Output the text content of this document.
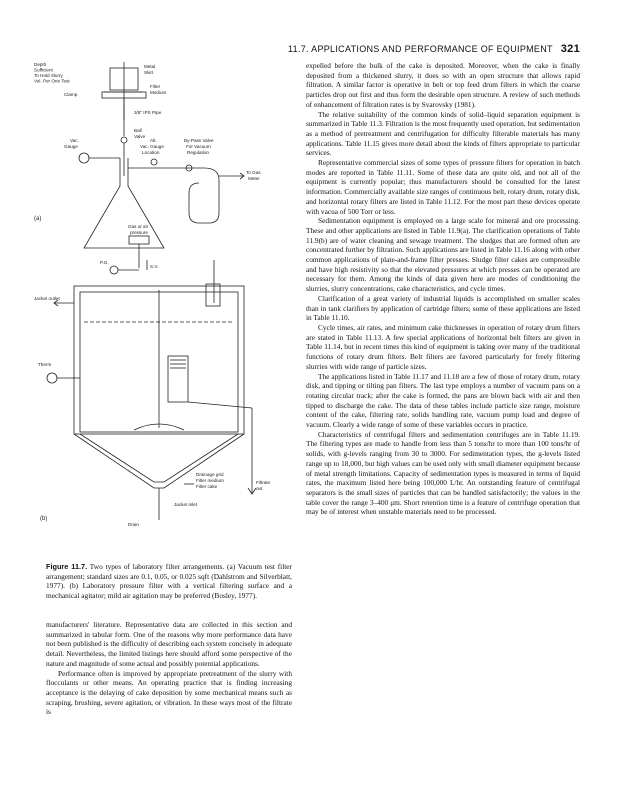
11.7. APPLICATIONS AND PERFORMANCE OF EQUIPMENT 321
Depth
Sufficient
To Hold Slurry
Vol. Per One Test
Metal
Skirt
Filter
Medium
Clamp
3/8" IPS Pipe
Ball
Valve
Vac.
Gauge
Alt.
Vac. Gauge
Location
By-Pass Valve
For Vacuum
Regulation
To Gas
Meter
(a)
Gas or air
pressure
P.G.
S.V.
Jacket outlet
Therm
Drainage grid
Filter medium
Filter cake
Filtrate
out
Jacket inlet
Drain
(b)
Figure 11.7. Two types of laboratory filter arrangements. (a) Vacuum test filter arrangement; standard sizes are 0.1, 0.05, or 0.025 sqft (Dahlstrom and Silverblatt, 1977). (b) Laboratory pressure filter with a vertical filtering surface and a mechanical agitator; mild air agitation may be preferred (Bosley, 1977).

manufacturers' literature. Representative data are collected in this section and summarized in tabular form. One of the reasons why more performance data have not been published is the difficulty of describing each system concisely in adequate detail. Nevertheless, the limited listings here should afford some perspective of the nature and magnitude of some actual and possibly potential applications.

Performance often is improved by appropriate pretreatment of the slurry with flocculants or other means. An operating practice that is finding increasing acceptance is the delaying of cake deposition by some mechanical means such as scraping, brushing, severe agitation, or vibration. In these ways most of the filtrate is

expelled before the bulk of the cake is deposited. Moreover, when the cake is finally deposited from a thickened slurry, it does so with an open structure that allows rapid filtration. A similar factor is operative in belt or top feed drum filters in which the coarse particles drop out first and thus form the desirable open structure. A review of such methods of enhancement of filtration rates is by Svarovsky (1981).

The relative suitability of the common kinds of solid–liquid separation equipment is summarized in Table 11.3. Filtration is the most frequently used operation, but sedimentation as a method of pretreatment and centrifugation for difficulty filterable materials has many applications. Table 11.15 gives more detail about the kinds of filters appropriate to particular services.

Representative commercial sizes of some types of pressure filters for operation in batch modes are reported in Table 11.11. Some of these data are quite old, and not all of the equipment is currently popular; thus manufacturers should be consulted for the latest information. Commercially available size ranges of continuous belt, rotary drum, rotary disk, and horizontal rotary filters are listed in Table 11.12. For the most part these devices operate with vacua of 500 Torr or less.

Sedimentation equipment is employed on a large scale for mineral and ore processing. These and other applications are listed in Table 11.9(a). The clarification operations of Table 11.9(b) are of water cleaning and sewage treatment. The sludges that are formed often are concentrated further by filtration. Such applications are listed in Table 11.16 along with other common applications of plate-and-frame filter presses. Sludge filter cakes are compressible and have high resistivity so that the elevated pressures at which presses can be operated are necessary for them. Among the kinds of data given here are modes of conditioning the slurries, slurry concentrations, cake characteristics, and cycle times.

Clarification of a great variety of industrial liquids is accomplished on smaller scales than in tank clarifiers by application of cartridge filters; some of these applications are listed in Table 11.10.

Cycle times, air rates, and minimum cake thicknesses in operation of rotary drum filters are stated in Table 11.13. A few special applications of horizontal belt filters are given in Table 11.14, but in recent times this kind of equipment is taking over many of the traditional functions of rotary drum filters. Belt filters are favored particularly for freely filtering slurries with wide range of particle sizes.

The applications listed in Table 11.17 and 11.18 are a few of those of rotary drum, rotary disk, and tipping or tilting pan filters. The last type employs a number of vacuum pans on a rotating circular track; after the cake is formed, the pans are blown back with air and then tipped to discharge the cake. The data of these tables include particle size range, moisture content of the cake, filtering rate, solids handling rate, vacuum pump load and degree of vacuum. Clearly a wide range of some of these variables occurs in practice.

Characteristics of centrifugal filters and sedimentation centrifuges are in Table 11.19. The filtering types are made to handle from less than 5 tons/hr to more than 100 tons/hr of solids, with g-levels ranging from 30 to 3000. For sedimentation types, the g-levels listed range up to 18,000, but high values can be used only with small diameter equipment because of metal strength limitations. Capacity of sedimentation types is measured in terms of liquid rates, the maximum listed here being 100,000 L/hr. An outstanding feature of centrifugal separators is the small sizes of particles that can be handled satisfactorily; the values in the table cover the range 3–400 μm. Short retention time is a feature of centrifuge operation that may be of interest when unstable materials need to be processed.
